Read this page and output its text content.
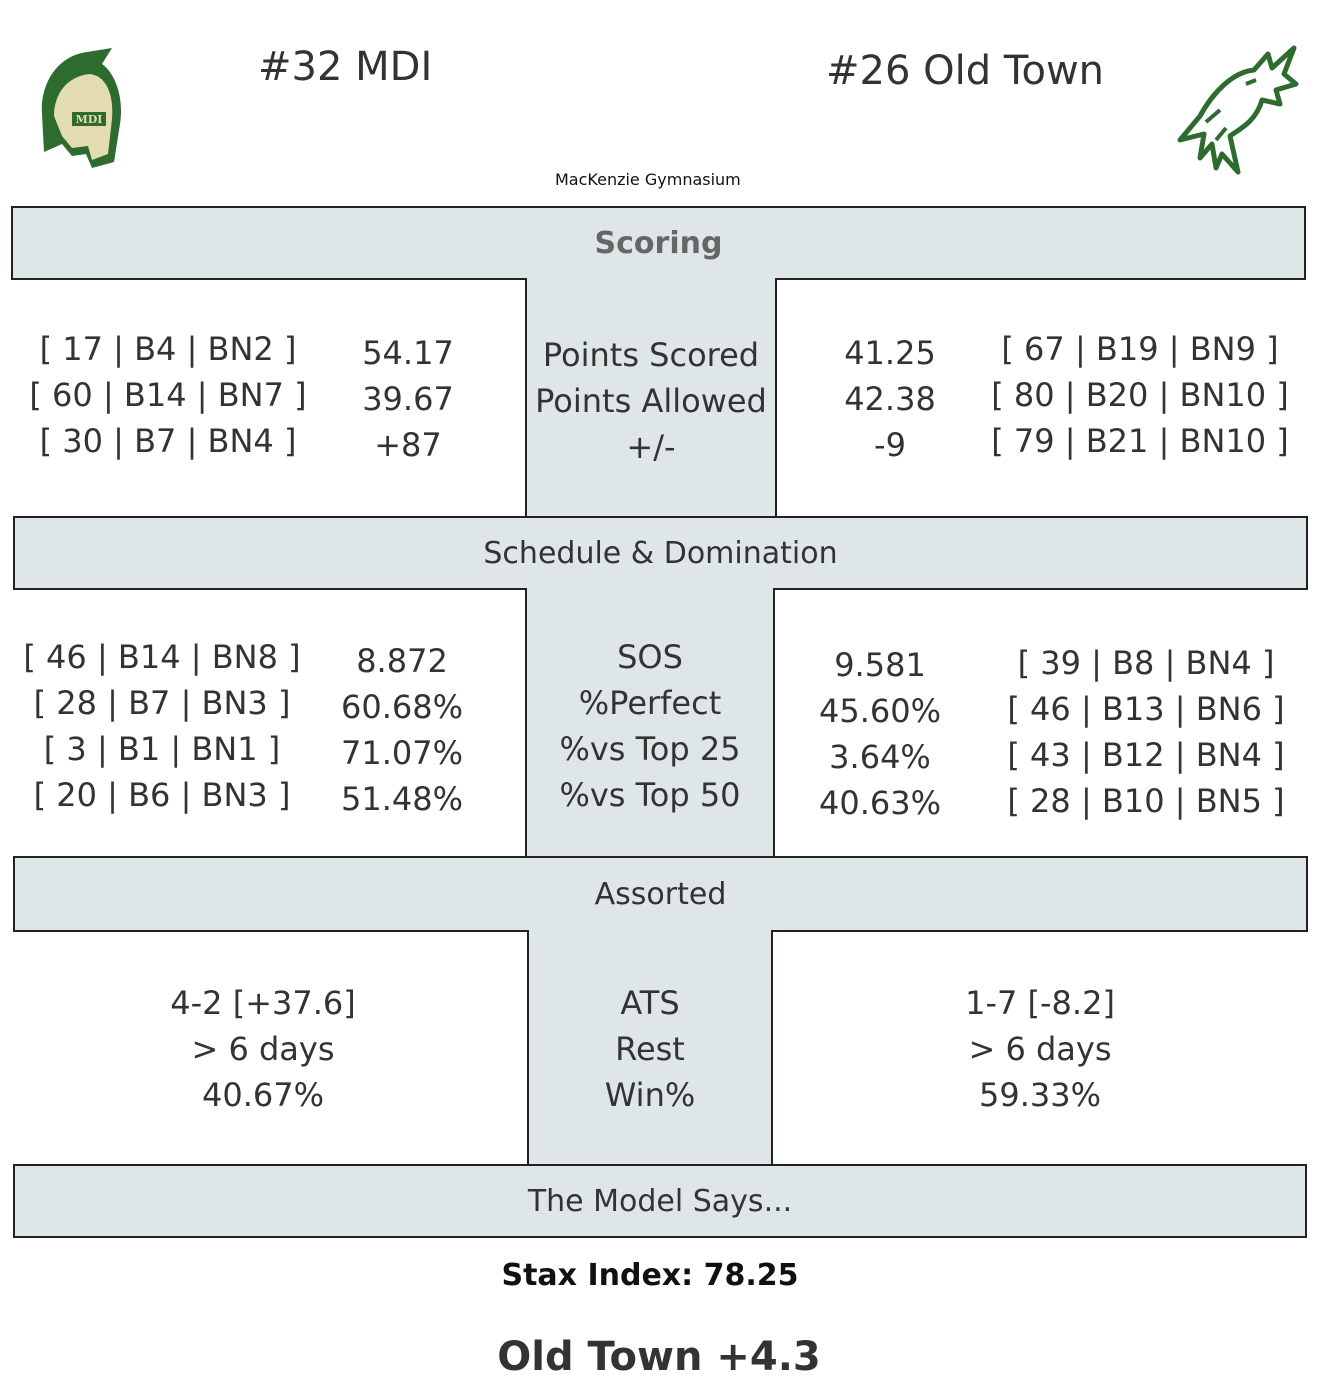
MDI
#32 MDI	#26 Old Town
MacKenzie Gymnasium
Scoring
[ 17 | B4 | BN2 ]
[ 60 | B14 | BN7 ]
[ 30 | B7 | BN4 ]
54.17
39.67
+87
Points Scored
Points Allowed
+/-
41.25
42.38
-9
[ 67 | B19 | BN9 ]
[ 80 | B20 | BN10 ]
[ 79 | B21 | BN10 ]
Schedule & Domination
[ 46 | B14 | BN8 ]
[ 28 | B7 | BN3 ]
[ 3 | B1 | BN1 ]
[ 20 | B6 | BN3 ]
8.872
60.68%
71.07%
51.48%
SOS
%Perfect
%vs Top 25
%vs Top 50
9.581
45.60%
3.64%
40.63%
[ 39 | B8 | BN4 ]
[ 46 | B13 | BN6 ]
[ 43 | B12 | BN4 ]
[ 28 | B10 | BN5 ]
Assorted
4-2 [+37.6]
> 6 days
40.67%
ATS
Rest
Win%
1-7 [-8.2]
> 6 days
59.33%
The Model Says...
Stax Index: 78.25
Old Town +4.3
